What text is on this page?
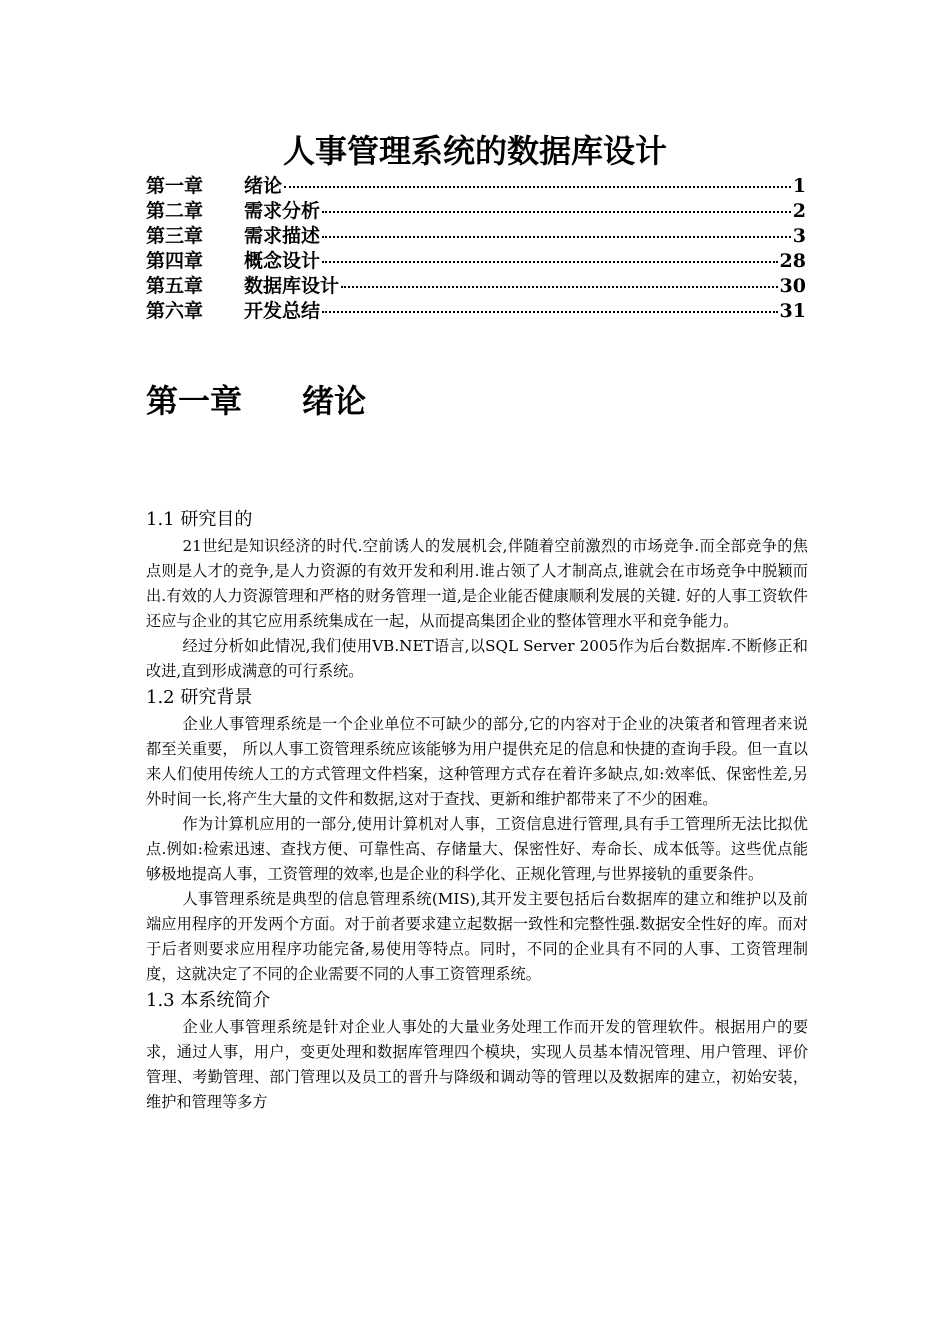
人事管理系统的数据库设计
第一章	绪论	1
第二章	需求分析	2
第三章	需求描述	3
第四章	概念设计	28
第五章	数据库设计	30
第六章	开发总结	31
第一章 绪论
1.1 研究目的

21世纪是知识经济的时代.空前诱人的发展机会,伴随着空前激烈的市场竞争.而全部竞争的焦点则是人才的竞争,是人力资源的有效开发和利用.谁占领了人才制高点,谁就会在市场竞争中脱颖而出.有效的人力资源管理和严格的财务管理一道,是企业能否健康顺利发展的关键. 好的人事工资软件还应与企业的其它应用系统集成在一起，从而提高集团企业的整体管理水平和竞争能力。

经过分析如此情况,我们使用VB.NET语言,以SQL Server 2005作为后台数据库.不断修正和改进,直到形成满意的可行系统。

1.2 研究背景

企业人事管理系统是一个企业单位不可缺少的部分,它的内容对于企业的决策者和管理者来说都至关重要， 所以人事工资管理系统应该能够为用户提供充足的信息和快捷的查询手段。但一直以来人们使用传统人工的方式管理文件档案，这种管理方式存在着许多缺点,如:效率低、保密性差,另外时间一长,将产生大量的文件和数据,这对于查找、更新和维护都带来了不少的困难。

作为计算机应用的一部分,使用计算机对人事，工资信息进行管理,具有手工管理所无法比拟优点.例如:检索迅速、查找方便、可靠性高、存储量大、保密性好、寿命长、成本低等。这些优点能够极地提高人事，工资管理的效率,也是企业的科学化、正规化管理,与世界接轨的重要条件。

人事管理系统是典型的信息管理系统(MIS),其开发主要包括后台数据库的建立和维护以及前端应用程序的开发两个方面。对于前者要求建立起数据一致性和完整性强.数据安全性好的库。而对于后者则要求应用程序功能完备,易使用等特点。同时，不同的企业具有不同的人事、工资管理制度，这就决定了不同的企业需要不同的人事工资管理系统。

1.3 本系统简介

企业人事管理系统是针对企业人事处的大量业务处理工作而开发的管理软件。根据用户的要求，通过人事，用户，变更处理和数据库管理四个模块，实现人员基本情况管理、用户管理、评价管理、考勤管理、部门管理以及员工的晋升与降级和调动等的管理以及数据库的建立，初始安装，维护和管理等多方
